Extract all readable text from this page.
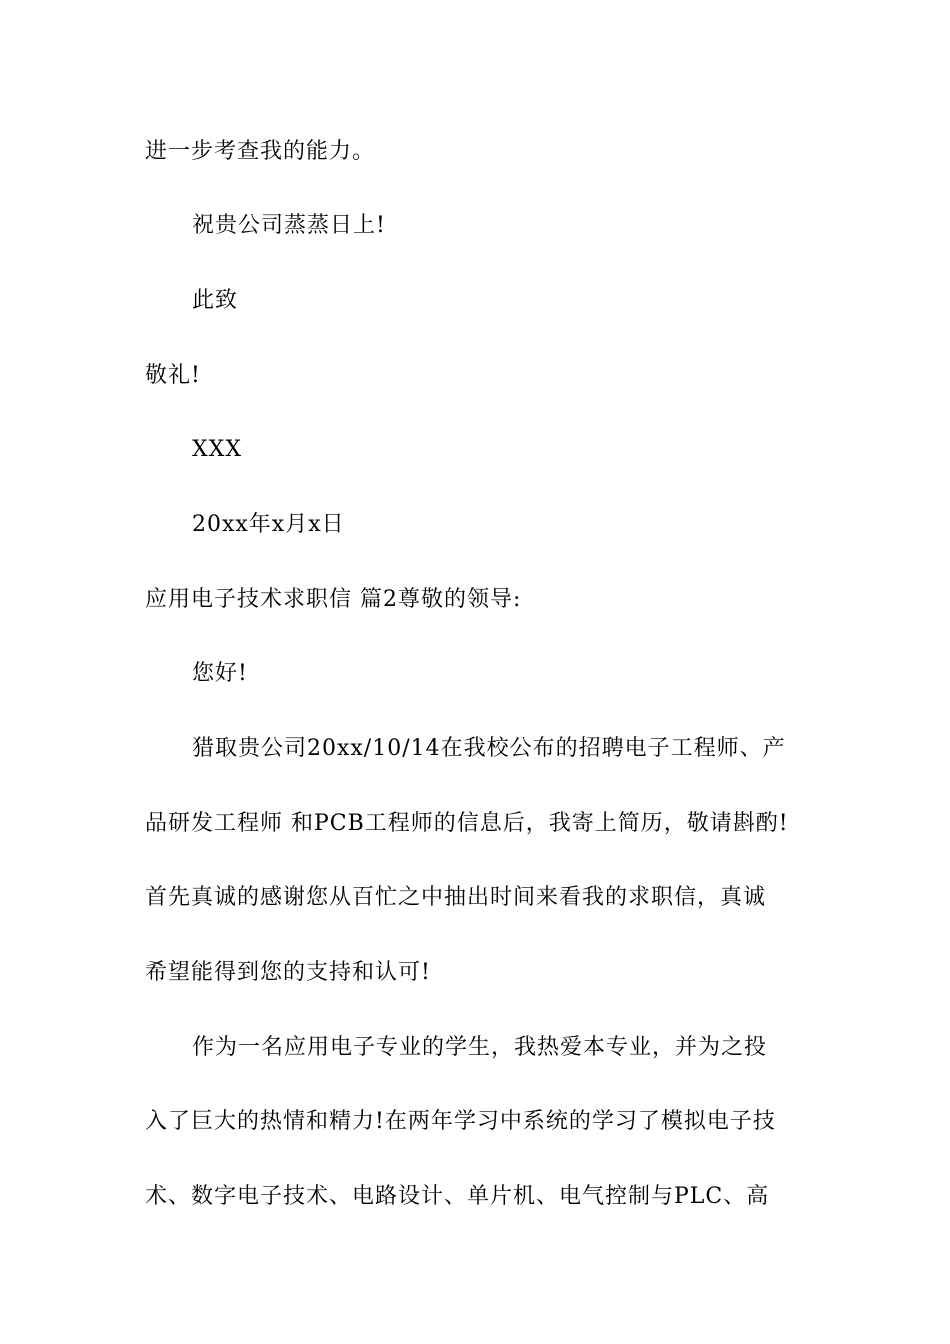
进一步考查我的能力。
祝贵公司蒸蒸日上!
此致
敬礼!
XXX
20xx年x月x日
应用电子技术求职信 篇2尊敬的领导:
您好!
猎取贵公司20xx/10/14在我校公布的招聘电子工程师、产
品研发工程师 和PCB工程师的信息后，我寄上简历，敬请斟酌!
首先真诚的感谢您从百忙之中抽出时间来看我的求职信，真诚
希望能得到您的支持和认可!
作为一名应用电子专业的学生，我热爱本专业，并为之投
入了巨大的热情和精力!在两年学习中系统的学习了模拟电子技
术、数字电子技术、电路设计、单片机、电气控制与PLC、高
